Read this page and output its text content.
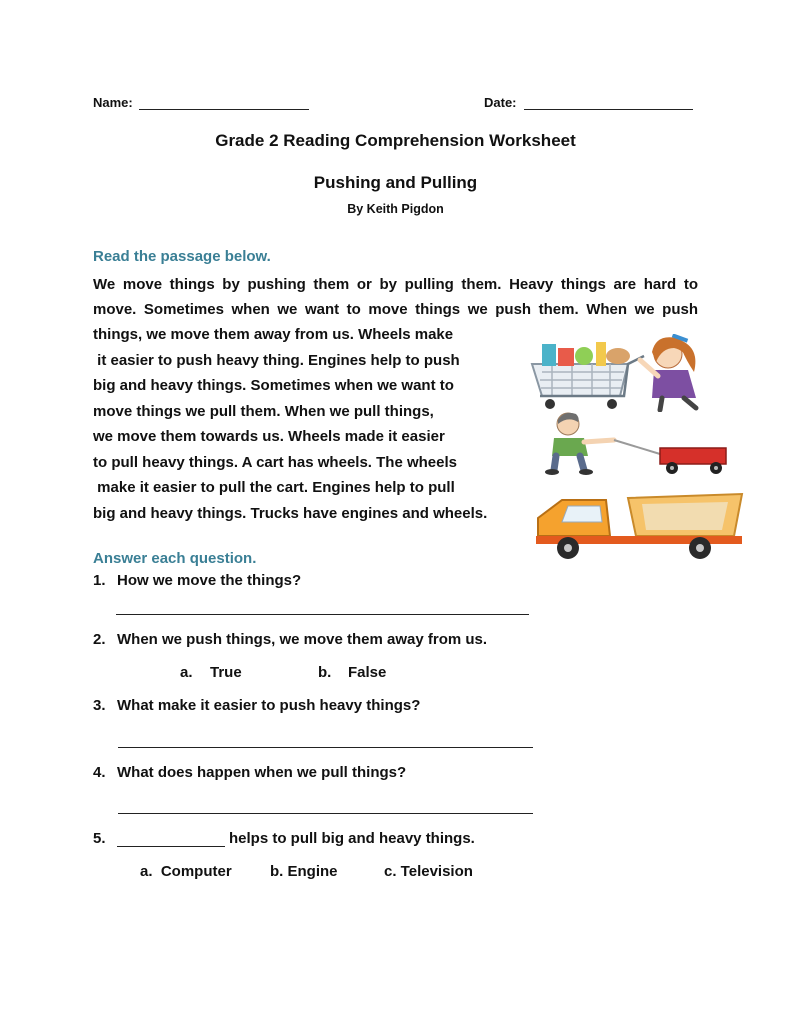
Name:	Date:
Grade 2 Reading Comprehension Worksheet
Pushing and Pulling
By Keith Pigdon
Read the passage below.
We move things by pushing them or by pulling them. Heavy things are hard to
move. Sometimes when we want to move things we push them. When we push
things, we move them away from us. Wheels make
it easier to push heavy thing. Engines help to push
big and heavy things. Sometimes when we want to
move things we pull them. When we pull things,
we move them towards us. Wheels made it easier
to pull heavy things. A cart has wheels. The wheels
make it easier to pull the cart. Engines help to pull
big and heavy things. Trucks have engines and wheels.
Answer each question.
1. How we move the things?
2. When we push things, we move them away from us.
a. True	b. False
3. What make it easier to push heavy things?
4. What does happen when we pull things?
5.	helps to pull big and heavy things.
a.  Computer	b. Engine	c. Television
